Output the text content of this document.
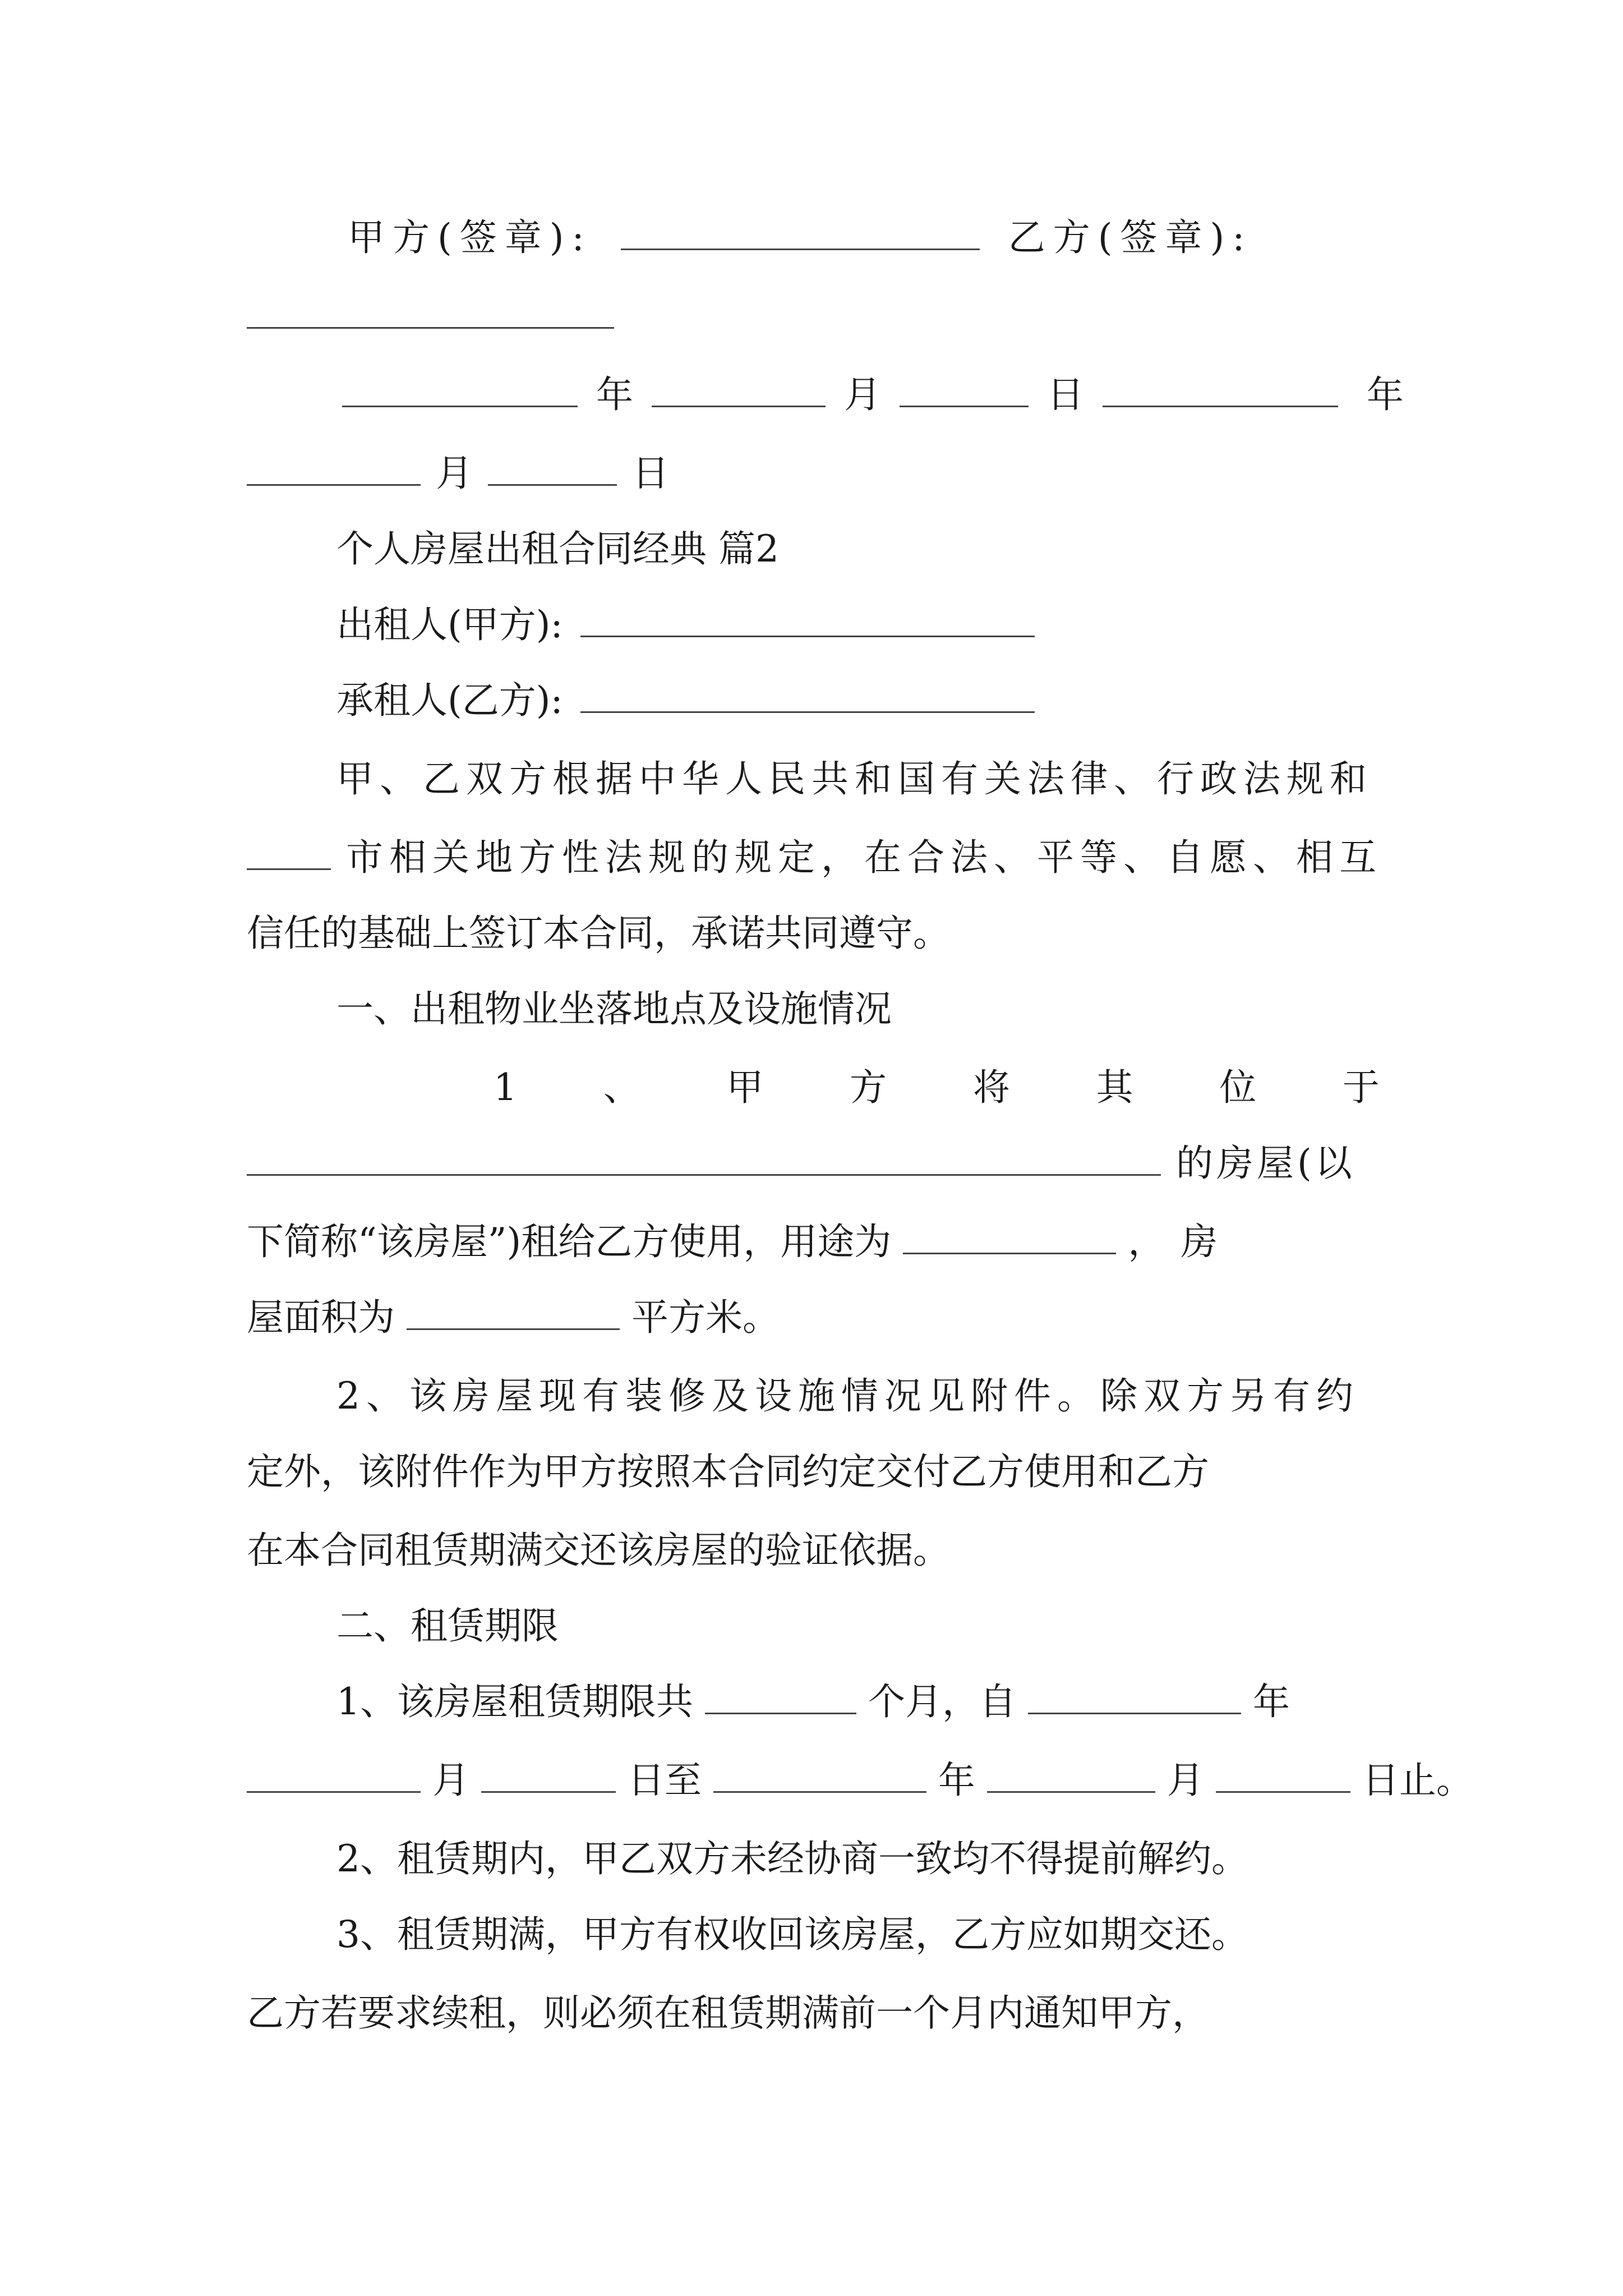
甲方(签章):	乙方(签章):
年	月	日	年
月	日
个人房屋出租合同经典 篇2
出租人(甲方):
承租人(乙方):
甲、乙双方根据中华人民共和国有关法律、行政法规和
市相关地方性法规的规定，在合法、平等、自愿、相互
信任的基础上签订本合同，承诺共同遵守。
一、出租物业坐落地点及设施情况
1 、 甲 方 将 其 位 于
的房屋(以
下简称“该房屋”)租给乙方使用，用途为	，房
屋面积为	平方米。
2、该房屋现有装修及设施情况见附件。除双方另有约
定外，该附件作为甲方按照本合同约定交付乙方使用和乙方
在本合同租赁期满交还该房屋的验证依据。
二、租赁期限
1、该房屋租赁期限共	个月，自	年
月	日至	年	月	日止。
2、租赁期内，甲乙双方未经协商一致均不得提前解约。
3、租赁期满，甲方有权收回该房屋，乙方应如期交还。
乙方若要求续租，则必须在租赁期满前一个月内通知甲方，
